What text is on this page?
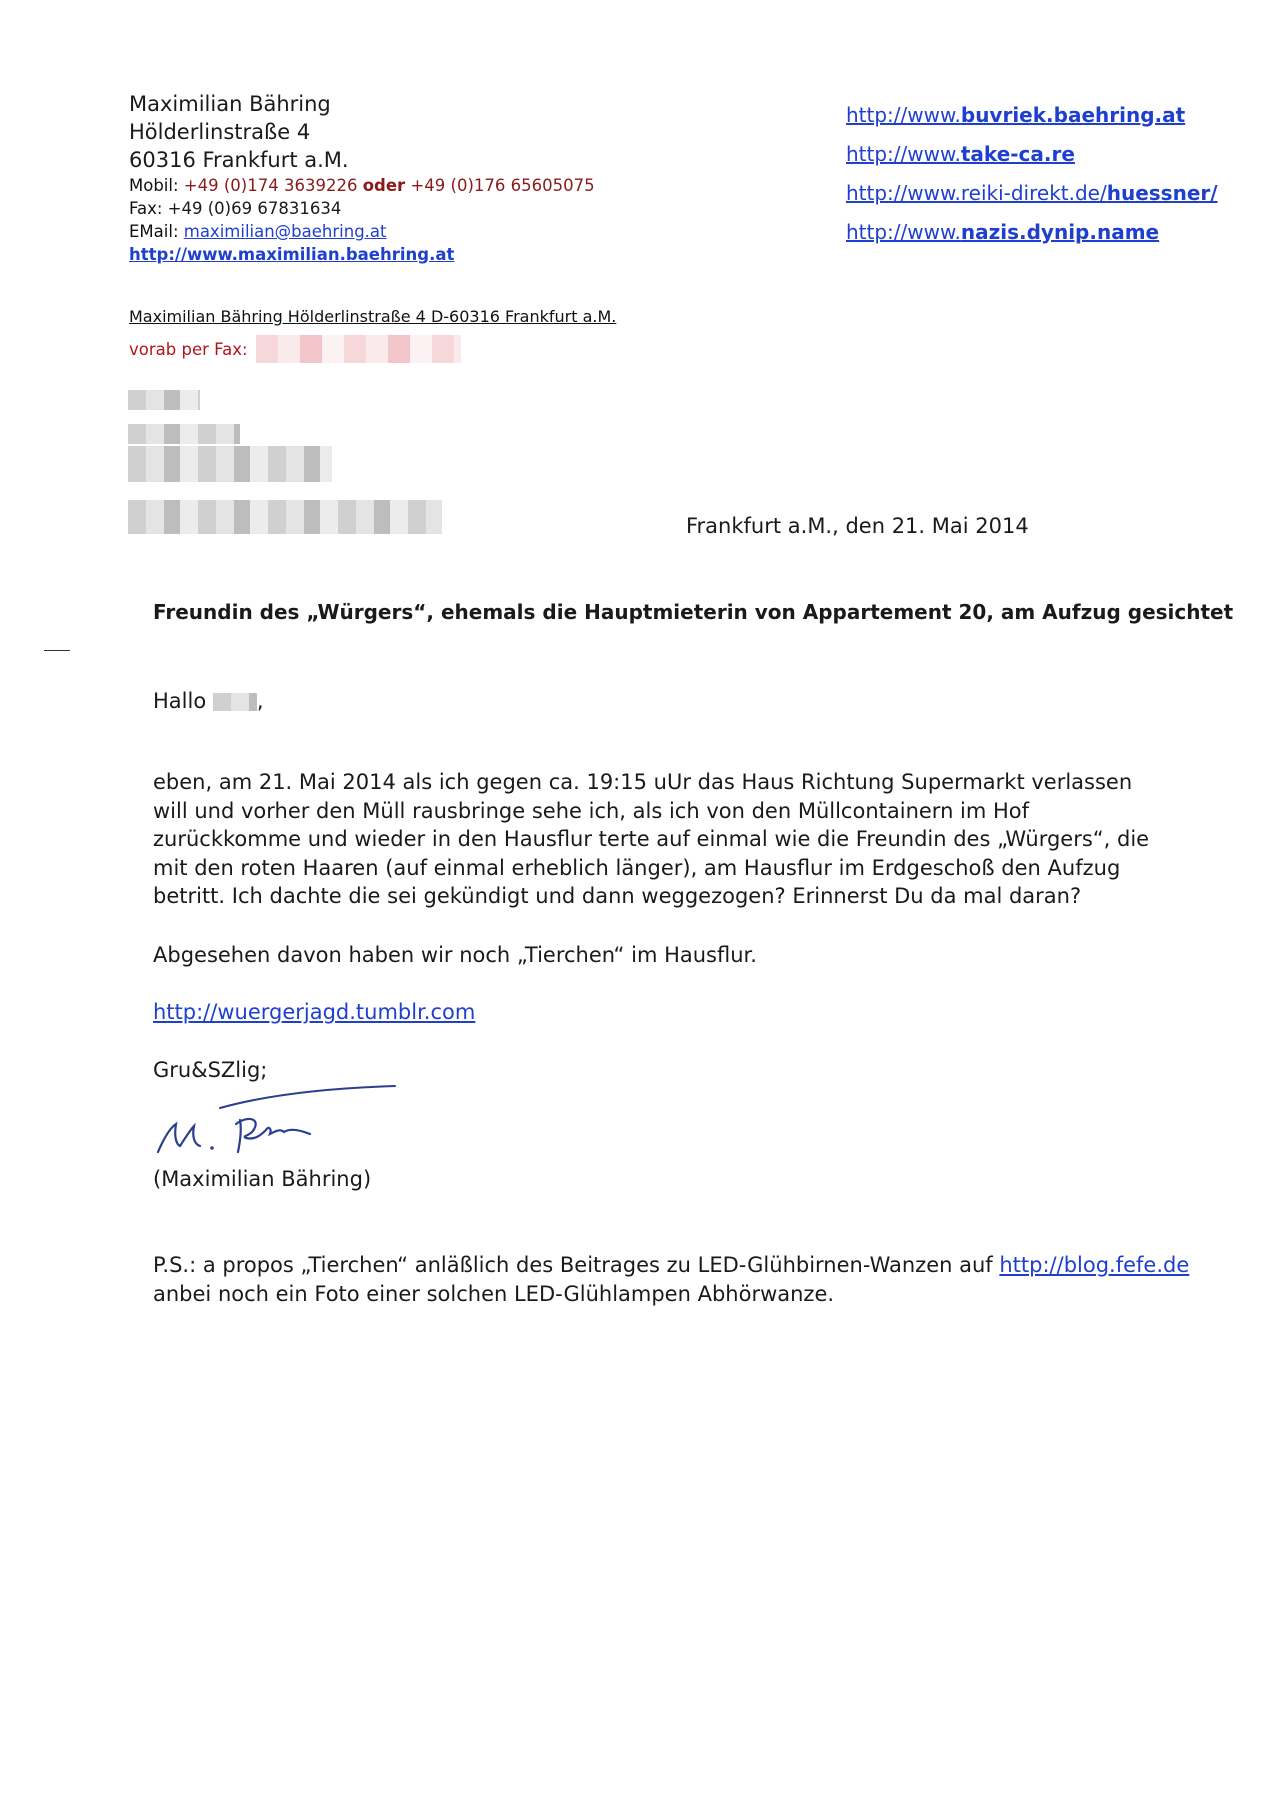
Maximilian Bähring
Hölderlinstraße 4
60316 Frankfurt a.M.
Mobil: +49 (0)174 3639226 oder +49 (0)176 65605075
Fax: +49 (0)69 67831634
EMail: maximilian@baehring.at
http://www.maximilian.baehring.at
http://www.buvriek.baehring.at
http://www.take-ca.re
http://www.reiki-direkt.de/huessner/
http://www.nazis.dynip.name
Maximilian Bähring Hölderlinstraße 4 D-60316 Frankfurt a.M.
vorab per Fax:
Frankfurt a.M., den 21. Mai 2014
Freundin des „Würgers“, ehemals die Hauptmieterin von Appartement 20, am Aufzug gesichtet
Hallo ,
eben, am 21. Mai 2014 als ich gegen ca. 19:15 uUr das Haus Richtung Supermarkt verlassen will und vorher den Müll rausbringe sehe ich, als ich von den Müllcontainern im Hof zurückkomme und wieder in den Hausflur terte auf einmal wie die Freundin des „Würgers“, die mit den roten Haaren (auf einmal erheblich länger), am Hausflur im Erdgeschoß den Aufzug betritt. Ich dachte die sei gekündigt und dann weggezogen? Erinnerst Du da mal daran?
Abgesehen davon haben wir noch „Tierchen“ im Hausflur.
http://wuergerjagd.tumblr.com
Gru&SZlig;
(Maximilian Bähring)
P.S.: a propos „Tierchen“ anläßlich des Beitrages zu LED-Glühbirnen-Wanzen auf http://blog.fefe.de
anbei noch ein Foto einer solchen LED-Glühlampen Abhörwanze.
